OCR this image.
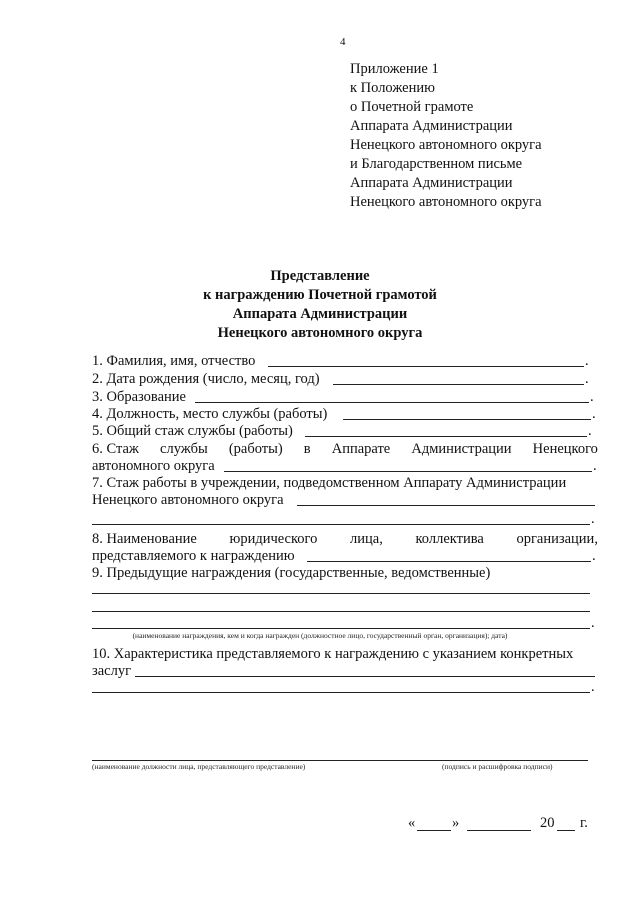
4
Приложение 1
к Положению
о Почетной грамоте
Аппарата Администрации
Ненецкого автономного округа
и Благодарственном письме
Аппарата Администрации
Ненецкого автономного округа
Представление
к награждению Почетной грамотой
Аппарата Администрации
Ненецкого автономного округа
1. Фамилия, имя, отчество	.
2. Дата рождения (число, месяц, год)	.
3. Образование	.
4. Должность, место службы (работы)	.
5. Общий стаж службы (работы)	.
6. Стаж службы (работы) в Аппарате Администрации Ненецкого
автономного округа	.
7. Стаж работы в учреждении, подведомственном Аппарату Администрации
Ненецкого автономного округа
.
8. Наименование юридического лица, коллектива организации,
представляемого к награждению	.
9. Предыдущие награждения (государственные, ведомственные)
.
(наименование награждения, кем и когда награжден (должностное лицо, государственный орган, организация); дата)
10. Характеристика представляемого к награждению с указанием конкретных
заслуг
.
(наименование должности лица, представляющего представление)	(подпись и расшифровка подписи)
«	»	20 г.
